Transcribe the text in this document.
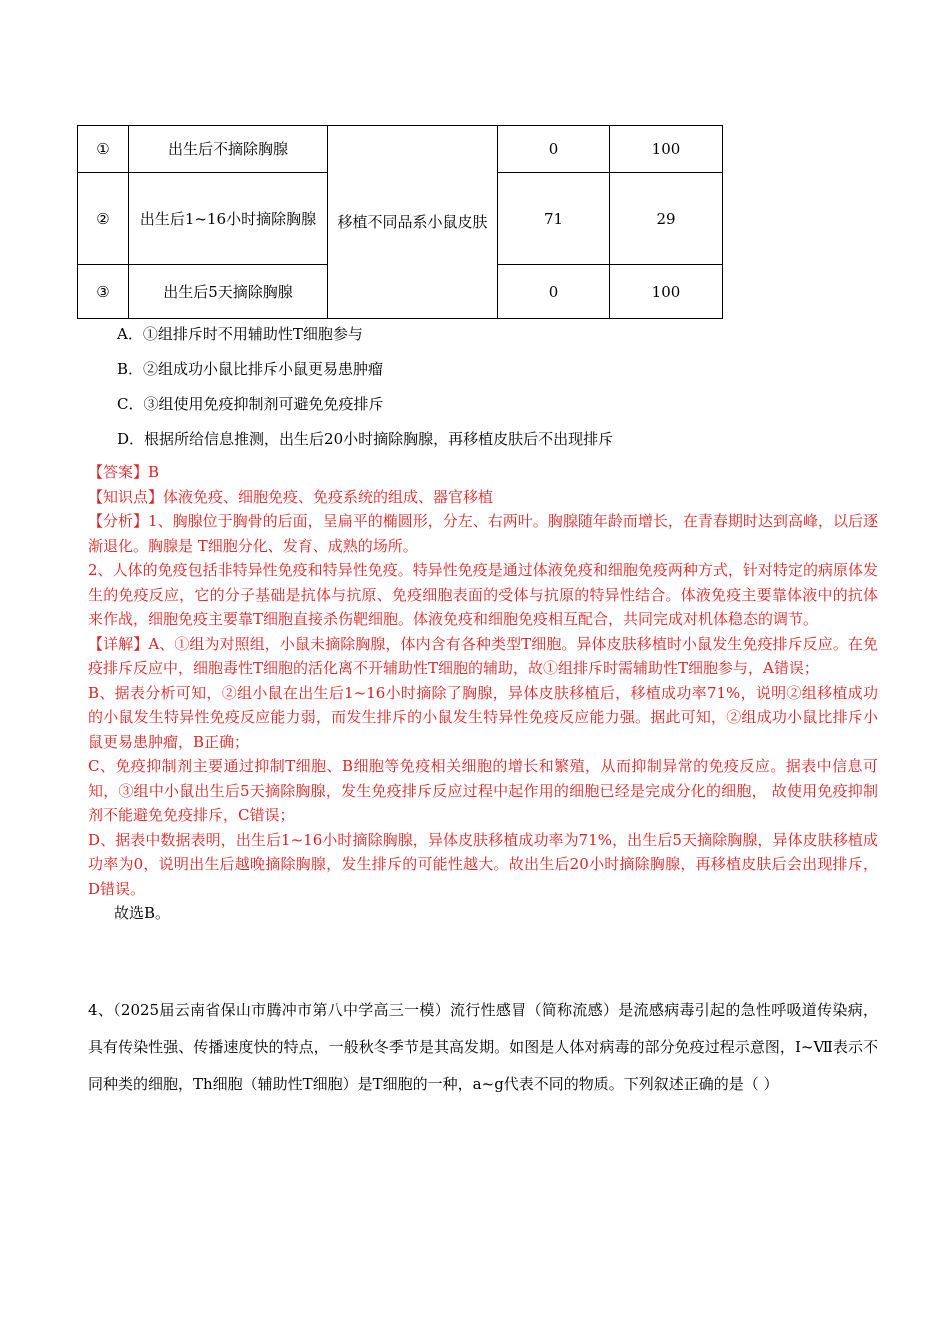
①	出生后不摘除胸腺	移植不同品系小鼠皮肤	0	100
②	出生后1~16小时摘除胸腺		71	29
③	出生后5天摘除胸腺		0	100
A．①组排斥时不用辅助性T细胞参与
B．②组成功小鼠比排斥小鼠更易患肿瘤
C．③组使用免疫抑制剂可避免免疫排斥
D．根据所给信息推测，出生后20小时摘除胸腺，再移植皮肤后不出现排斥

【答案】B

【知识点】体液免疫、细胞免疫、免疫系统的组成、器官移植

【分析】1、胸腺位于胸骨的后面，呈扁平的椭圆形，分左、右两叶。胸腺随年龄而增长，在青春期时达到高峰，以后逐渐退化。胸腺是 T细胞分化、发育、成熟的场所。

2、人体的免疫包括非特异性免疫和特异性免疫。特异性免疫是通过体液免疫和细胞免疫两种方式，针对特定的病原体发生的免疫反应，它的分子基础是抗体与抗原、免疫细胞表面的受体与抗原的特异性结合。体液免疫主要靠体液中的抗体来作战，细胞免疫主要靠T细胞直接杀伤靶细胞。体液免疫和细胞免疫相互配合，共同完成对机体稳态的调节。

【详解】A、①组为对照组，小鼠未摘除胸腺，体内含有各种类型T细胞。异体皮肤移植时小鼠发生免疫排斥反应。在免疫排斥反应中，细胞毒性T细胞的活化离不开辅助性T细胞的辅助，故①组排斥时需辅助性T细胞参与，A错误；

B、据表分析可知，②组小鼠在出生后1~16小时摘除了胸腺，异体皮肤移植后，移植成功率71%，说明②组移植成功的小鼠发生特异性免疫反应能力弱，而发生排斥的小鼠发生特异性免疫反应能力强。据此可知，②组成功小鼠比排斥小鼠更易患肿瘤，B正确；

C、免疫抑制剂主要通过抑制T细胞、B细胞等免疫相关细胞的增长和繁殖，从而抑制异常的免疫反应。据表中信息可知，③组中小鼠出生后5天摘除胸腺，发生免疫排斥反应过程中起作用的细胞已经是完成分化的细胞， 故使用免疫抑制剂不能避免免疫排斥，C错误；

D、据表中数据表明，出生后1~16小时摘除胸腺，异体皮肤移植成功率为71%，出生后5天摘除胸腺，异体皮肤移植成功率为0，说明出生后越晚摘除胸腺，发生排斥的可能性越大。故出生后20小时摘除胸腺，再移植皮肤后会出现排斥，D错误。

故选B。

4、（2025届云南省保山市腾冲市第八中学高三一模）流行性感冒（简称流感）是流感病毒引起的急性呼吸道传染病，具有传染性强、传播速度快的特点，一般秋冬季节是其高发期。如图是人体对病毒的部分免疫过程示意图，Ⅰ~Ⅶ表示不同种类的细胞，Th细胞（辅助性T细胞）是T细胞的一种，a~g代表不同的物质。下列叙述正确的是（ ）
